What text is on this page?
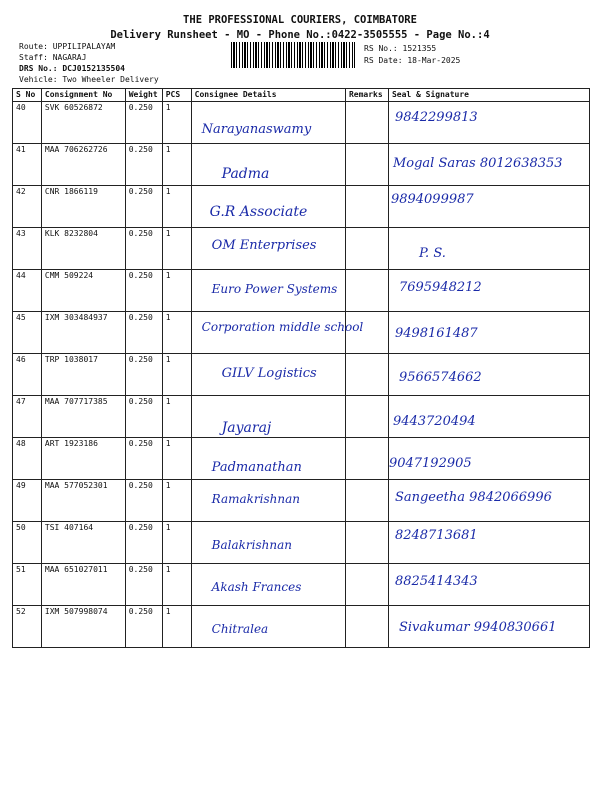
THE PROFESSIONAL COURIERS, COIMBATORE
Delivery Runsheet - MO - Phone No.:0422-3505555 - Page No.:4
Route: UPPILIPALAYAM
Staff: NAGARAJ
DRS No.: DCJ0152135504
Vehicle: Two Wheeler Delivery
RS No.: 1521355
RS Date: 18-Mar-2025
S No	Consignment No	Weight	PCS	Consignee Details	Remarks	Seal & Signature
40	SVK 60526872	0.250	1	Narayanaswamy		9842299813

41	MAA 706262726	0.250	1	Padma		Mogal Saras 8012638353

42	CNR 1866119	0.250	1	G.R Associate		9894099987

43	KLK 8232804	0.250	1	OM Enterprises		P. S.

44	CMM 509224	0.250	1	Euro Power Systems		7695948212

45	IXM 303484937	0.250	1	Corporation middle school		9498161487

46	TRP 1038017	0.250	1	GILV Logistics		9566574662

47	MAA 707717385	0.250	1	Jayaraj		9443720494

48	ART 1923186	0.250	1	Padmanathan		9047192905

49	MAA 577052301	0.250	1	Ramakrishnan		Sangeetha 9842066996

50	TSI 407164	0.250	1	Balakrishnan		8248713681

51	MAA 651027011	0.250	1	Akash Frances		8825414343

52	IXM 507998074	0.250	1	Chitralea		Sivakumar 9940830661
